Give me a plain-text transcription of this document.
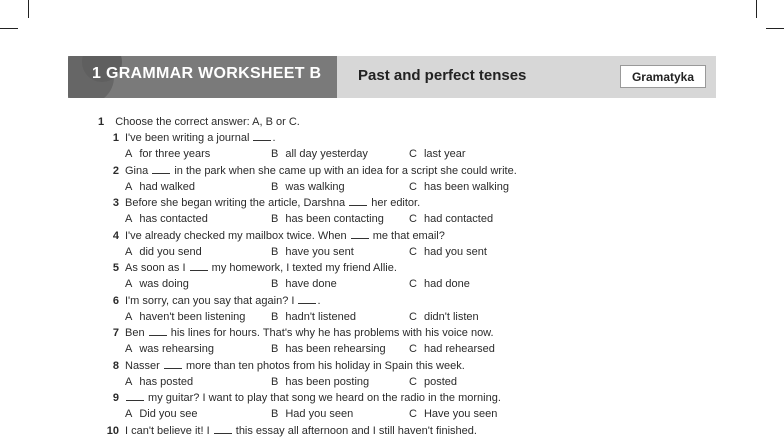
1 GRAMMAR WORKSHEET B Past and perfect tenses	Gramatyka
1 Choose the correct answer: A, B or C.
1 I've been writing a journal .
A for three years	B all day yesterday	C last year
2 Gina  in the park when she came up with an idea for a script she could write.
A had walked	B was walking	C has been walking
3 Before she began writing the article, Darshna  her editor.
A has contacted	B has been contacting C had contacted
4 I've already checked my mailbox twice. When  me that email?
A did you send	B have you sent	C had you sent
5 As soon as I  my homework, I texted my friend Allie.
A was doing	B have done	C had done
6 I'm sorry, can you say that again? I .
A haven't been listening B hadn't listened	C didn't listen
7 Ben  his lines for hours. That's why he has problems with his voice now.
A was rehearsing	B has been rehearsing C had rehearsed
8 Nasser  more than ten photos from his holiday in Spain this week.
A has posted	B has been posting	C posted
9	my guitar? I want to play that song we heard on the radio in the morning.
A Did you see	B Had you seen	C Have you seen
10 I can't believe it! I  this essay all afternoon and I still haven't finished.
